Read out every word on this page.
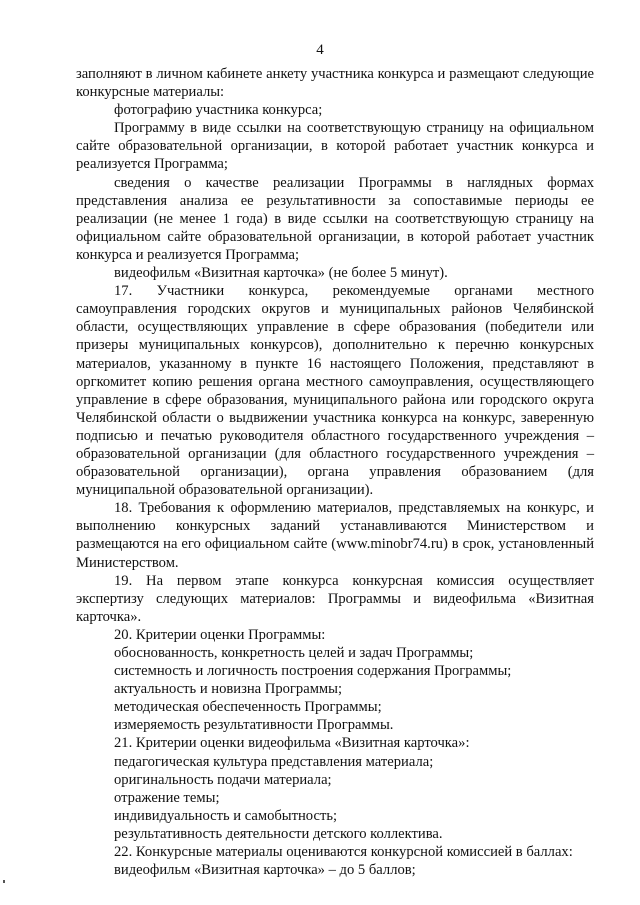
4

заполняют в личном кабинете анкету участника конкурса и размещают следующие конкурсные материалы:

фотографию участника конкурса;

Программу в виде ссылки на соответствующую страницу на официальном сайте образовательной организации, в которой работает участник конкурса и реализуется Программа;

сведения о качестве реализации Программы в наглядных формах представления анализа ее результативности за сопоставимые периоды ее реализации (не менее 1 года) в виде ссылки на соответствующую страницу на официальном сайте образовательной организации, в которой работает участник конкурса и реализуется Программа;

видеофильм «Визитная карточка» (не более 5 минут).

17. Участники конкурса, рекомендуемые органами местного самоуправления городских округов и муниципальных районов Челябинской области, осуществляющих управление в сфере образования (победители или призеры муниципальных конкурсов), дополнительно к перечню конкурсных материалов, указанному в пункте 16 настоящего Положения, представляют в оргкомитет копию решения органа местного самоуправления, осуществляющего управление в сфере образования, муниципального района или городского округа Челябинской области о выдвижении участника конкурса на конкурс, заверенную подписью и печатью руководителя областного государственного учреждения – образовательной организации (для областного государственного учреждения – образовательной организации), органа управления образованием (для муниципальной образовательной организации).

18. Требования к оформлению материалов, представляемых на конкурс, и выполнению конкурсных заданий устанавливаются Министерством и размещаются на его официальном сайте (www.minobr74.ru) в срок, установленный Министерством.

19. На первом этапе конкурса конкурсная комиссия осуществляет экспертизу следующих материалов: Программы и видеофильма «Визитная карточка».

20. Критерии оценки Программы:

обоснованность, конкретность целей и задач Программы;

системность и логичность построения содержания Программы;

актуальность и новизна Программы;

методическая обеспеченность Программы;

измеряемость результативности Программы.

21. Критерии оценки видеофильма «Визитная карточка»:

педагогическая культура представления материала;

оригинальность подачи материала;

отражение темы;

индивидуальность и самобытность;

результативность деятельности детского коллектива.

22. Конкурсные материалы оцениваются конкурсной комиссией в баллах:

видеофильм «Визитная карточка» – до 5 баллов;
